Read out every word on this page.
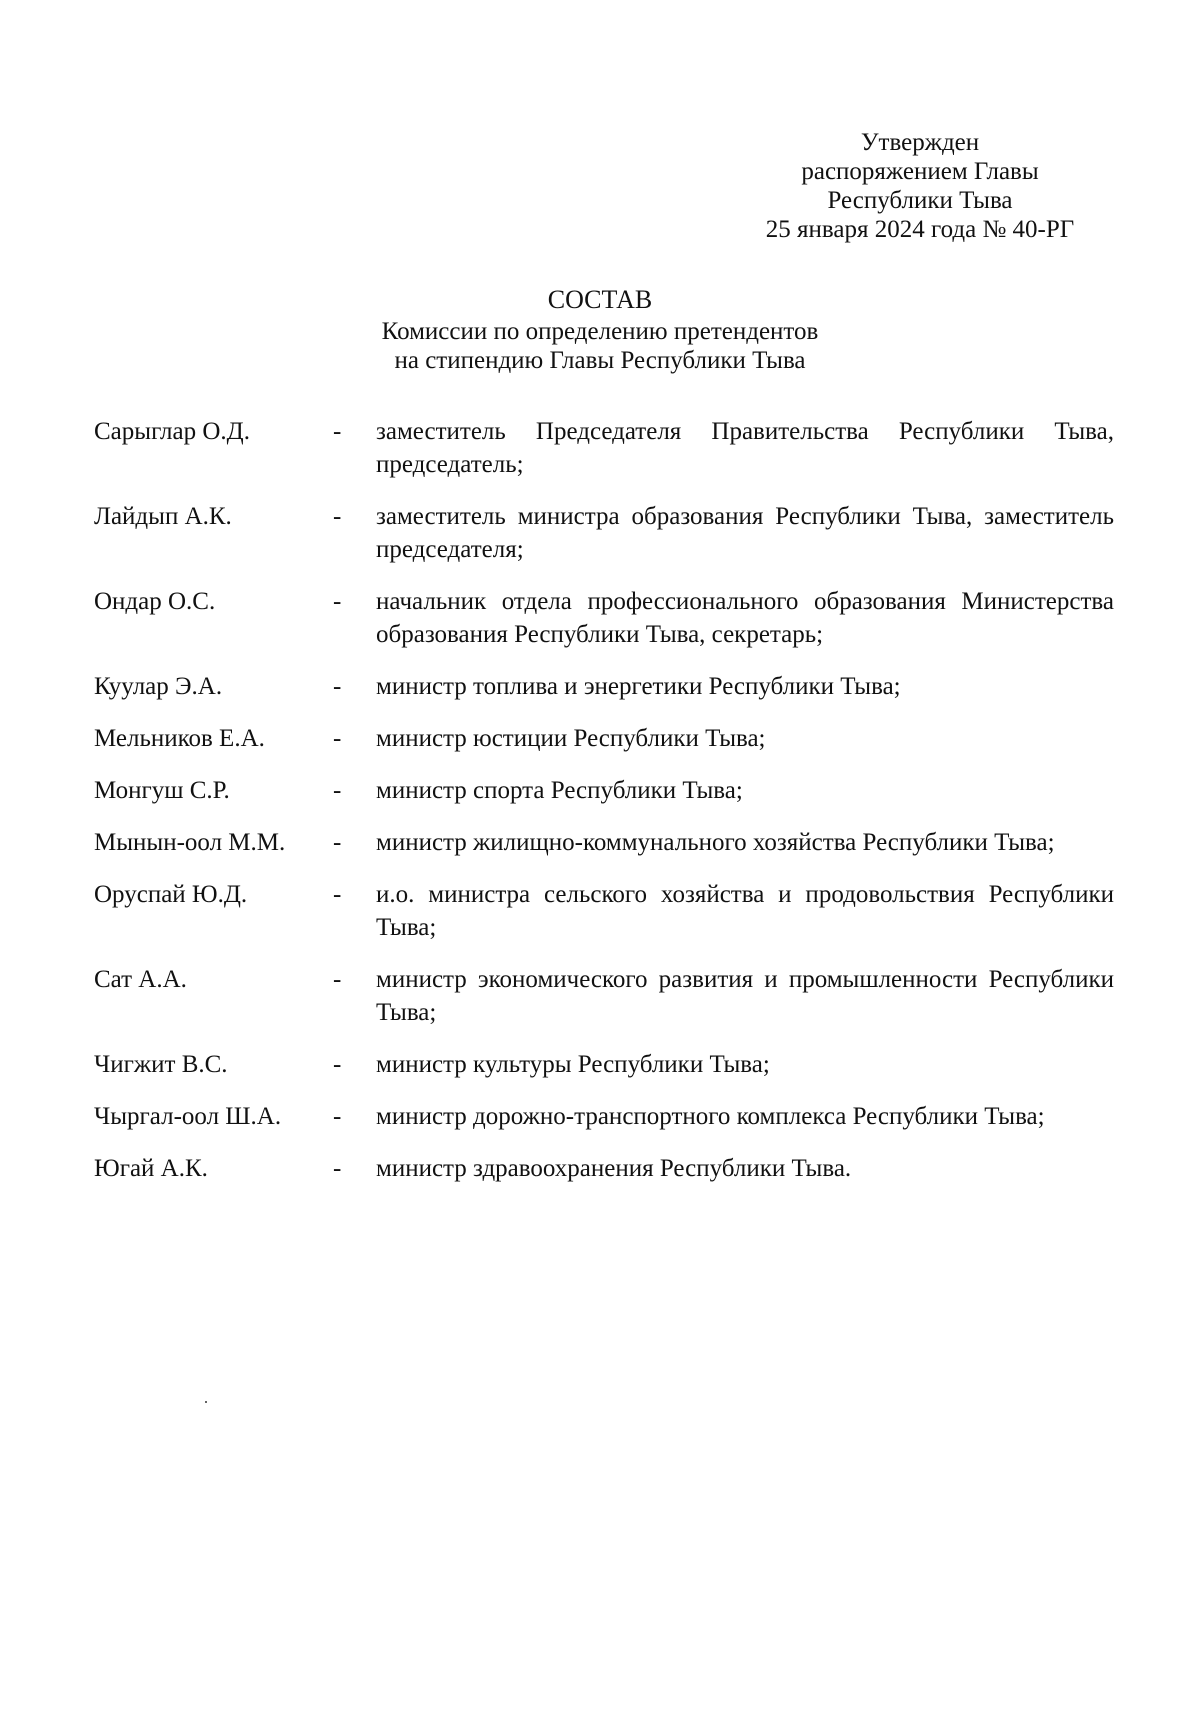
Утвержден
распоряжением Главы
Республики Тыва
25 января 2024 года № 40-РГ
СОСТАВ
Комиссии по определению претендентов
на стипендию Главы Республики Тыва
Сарыглар О.Д.	- заместитель Председателя Правительства Республики Тыва, председатель;
Лайдып А.К.	- заместитель министра образования Республики Тыва, заместитель председателя;
Ондар О.С.	- начальник отдела профессионального образования Министерства образования Республики Тыва, секретарь;
Куулар Э.А.	- министр топлива и энергетики Республики Тыва;
Мельников Е.А.	- министр юстиции Республики Тыва;
Монгуш С.Р.	- министр спорта Республики Тыва;
Мынын-оол М.М. - министр жилищно-коммунального хозяйства Республики Тыва;
Оруспай Ю.Д.	- и.о. министра сельского хозяйства и продовольствия Республики Тыва;
Сат А.А.	- министр экономического развития и промышленности Республики Тыва;
Чигжит В.С.	- министр культуры Республики Тыва;
Чыргал-оол Ш.А. - министр дорожно-транспортного комплекса Республики Тыва;
Югай А.К.	- министр здравоохранения Республики Тыва.
